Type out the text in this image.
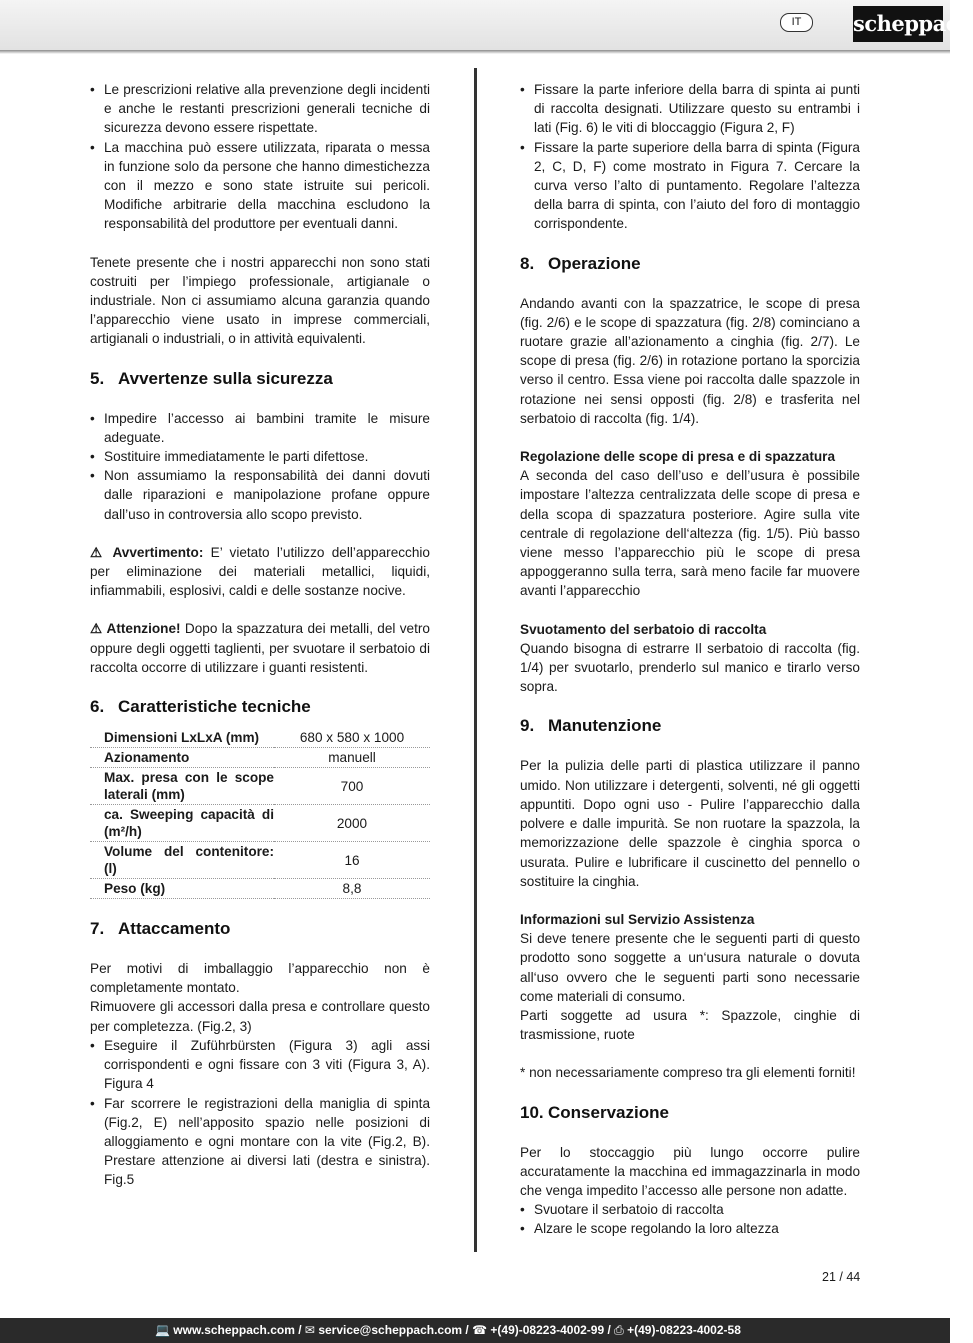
IT	scheppach
• Le prescrizioni relative alla prevenzione degli incidenti e anche le restanti prescrizioni generali tecniche di sicurezza devono essere rispettate.
• La macchina può essere utilizzata, riparata o messa in funzione solo da persone che hanno dimestichezza con il mezzo e sono state istruite sui pericoli. Modifiche arbitrarie della macchina escludono la responsabilità del produttore per eventuali danni.

Tenete presente che i nostri apparecchi non sono stati costruiti per l’impiego professionale, artigianale o industriale. Non ci assumiamo alcuna garanzia quando l’apparecchio viene usato in imprese commerciali, artigianali o industriali, o in attività equivalenti.

5. Avvertenze sulla sicurezza
• Impedire l’accesso ai bambini tramite le misure adeguate.
• Sostituire immediatamente le parti difettose.
• Non assumiamo la responsabilità dei danni dovuti dalle riparazioni e manipolazione profane oppure dall’uso in controversia allo scopo previsto.

⚠ Avvertimento: E’ vietato l’utilizzo dell’apparecchio per eliminazione dei materiali metallici, liquidi, infiammabili, esplosivi, caldi e delle sostanze nocive.

⚠ Attenzione! Dopo la spazzatura dei metalli, del vetro oppure degli oggetti taglienti, per svuotare il serbatoio di raccolta occorre di utilizzare i guanti resistenti.

6. Caratteristiche tecniche
Dimensioni LxLxA (mm)	680 x 580 x 1000
Azionamento	manuell
Max. presa con le scope laterali (mm)	700
ca. Sweeping capacità di (m²/h)	2000
Volume del contenitore: (l)	16
Peso (kg)	8,8
7. Attaccamento

Per motivi di imballaggio l’apparecchio non è completamente montato.

Rimuovere gli accessori dalla presa e controllare questo per completezza. (Fig.2, 3)

• Eseguire il Zuführbürsten (Figura 3) agli assi corrispondenti e ogni fissare con 3 viti (Figura 3, A). Figura 4
• Far scorrere le registrazioni della maniglia di spinta (Fig.2, E) nell’apposito spazio nelle posizioni di alloggiamento e ogni montare con la vite (Fig.2, B). Prestare attenzione ai diversi lati (destra e sinistra). Fig.5
• Fissare la parte inferiore della barra di spinta ai punti di raccolta designati. Utilizzare questo su entrambi i lati (Fig. 6) le viti di bloccaggio (Figura 2, F)
• Fissare la parte superiore della barra di spinta (Figura 2, C, D, F) come mostrato in Figura 7. Cercare la curva verso l’alto di puntamento. Regolare l’altezza della barra di spinta, con l’aiuto del foro di montaggio corrispondente.
8. Operazione

Andando avanti con la spazzatrice, le scope di presa (fig. 2/6) e le scope di spazzatura (fig. 2/8) cominciano a ruotare grazie all’azionamento a cinghia (fig. 2/7). Le scope di presa (fig. 2/6) in rotazione portano la sporcizia verso il centro. Essa viene poi raccolta dalle spazzole in rotazione nei sensi opposti (fig. 2/8) e trasferita nel serbatoio di raccolta (fig. 1/4).

Regolazione delle scope di presa e di spazzatura

A seconda del caso dell’uso e dell’usura è possibile impostare l’altezza centralizzata delle scope di presa e della scopa di spazzatura posteriore. Agire sulla vite centrale di regolazione dell‘altezza (fig. 1/5). Più basso viene messo l’apparecchio più le scope di presa appoggeranno sulla terra, sarà meno facile far muovere avanti l’apparecchio

Svuotamento del serbatoio di raccolta

Quando bisogna di estrarre Il serbatoio di raccolta (fig. 1/4) per svuotarlo, prenderlo sul manico e tirarlo verso sopra.

9. Manutenzione

Per la pulizia delle parti di plastica utilizzare il panno umido. Non utilizzare i detergenti, solventi, né gli oggetti appuntiti. Dopo ogni uso - Pulire l’apparecchio dalla polvere e dalle impurità. Se non ruotare la spazzola, la memorizzazione delle spazzole è cinghia sporca o usurata. Pulire e lubrificare il cuscinetto del pennello o sostituire la cinghia.

Informazioni sul Servizio Assistenza

Si deve tenere presente che le seguenti parti di questo prodotto sono soggette a un‘usura naturale o dovuta all‘uso ovvero che le seguenti parti sono necessarie come materiali di consumo.

Parti soggette ad usura *: Spazzole, cinghie di trasmissione, ruote

* non necessariamente compreso tra gli elementi forniti!

10. Conservazione

Per lo stoccaggio più lungo occorre pulire accuratamente la macchina ed immagazzinarla in modo che venga impedito l’accesso alle persone non adatte.

• Svuotare il serbatoio di raccolta
• Alzare le scope regolando la loro altezza
21 / 44
💻 www.scheppach.com / ✉ service@scheppach.com / ☎ +(49)-08223-4002-99 / ⎙ +(49)-08223-4002-58
